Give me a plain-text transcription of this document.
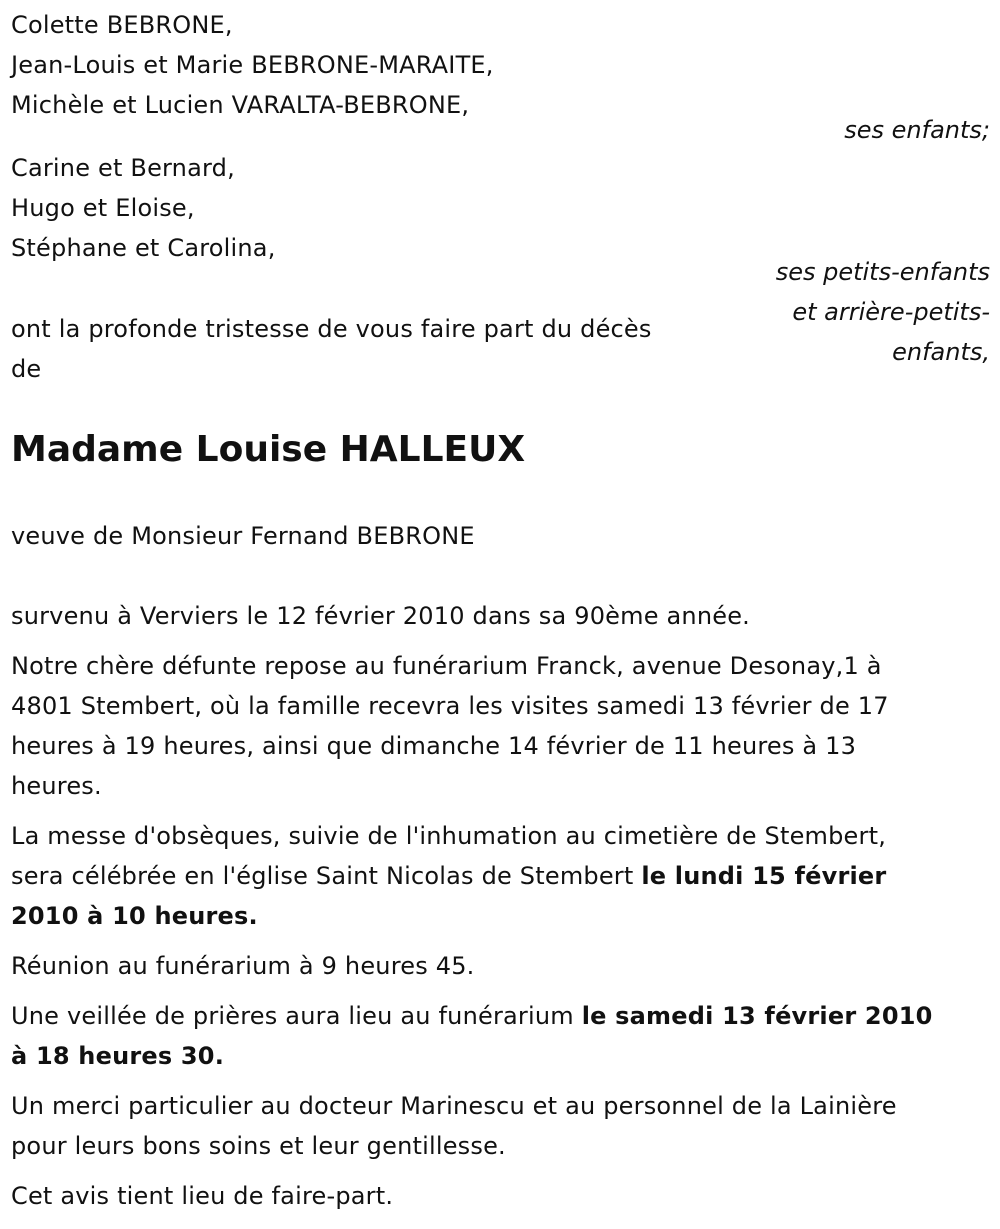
Colette BEBRONE,
Jean-Louis et Marie BEBRONE-MARAITE,
Michèle et Lucien VARALTA-BEBRONE,
ses enfants;
Carine et Bernard,
Hugo et Eloise,
Stéphane et Carolina,
ses petits-enfants
et arrière-petits-
enfants,
ont la profonde tristesse de vous faire part du décès
de
Madame Louise HALLEUX
veuve de Monsieur Fernand BEBRONE
survenu à Verviers le 12 février 2010 dans sa 90ème année.
Notre chère défunte repose au funérarium Franck, avenue Desonay,1 à
4801 Stembert, où la famille recevra les visites samedi 13 février de 17
heures à 19 heures, ainsi que dimanche 14 février de 11 heures à 13
heures.
La messe d'obsèques, suivie de l'inhumation au cimetière de Stembert,
sera célébrée en l'église Saint Nicolas de Stembert le lundi 15 février
2010 à 10 heures.
Réunion au funérarium à 9 heures 45.
Une veillée de prières aura lieu au funérarium le samedi 13 février 2010
à 18 heures 30.
Un merci particulier au docteur Marinescu et au personnel de la Lainière
pour leurs bons soins et leur gentillesse.
Cet avis tient lieu de faire-part.
